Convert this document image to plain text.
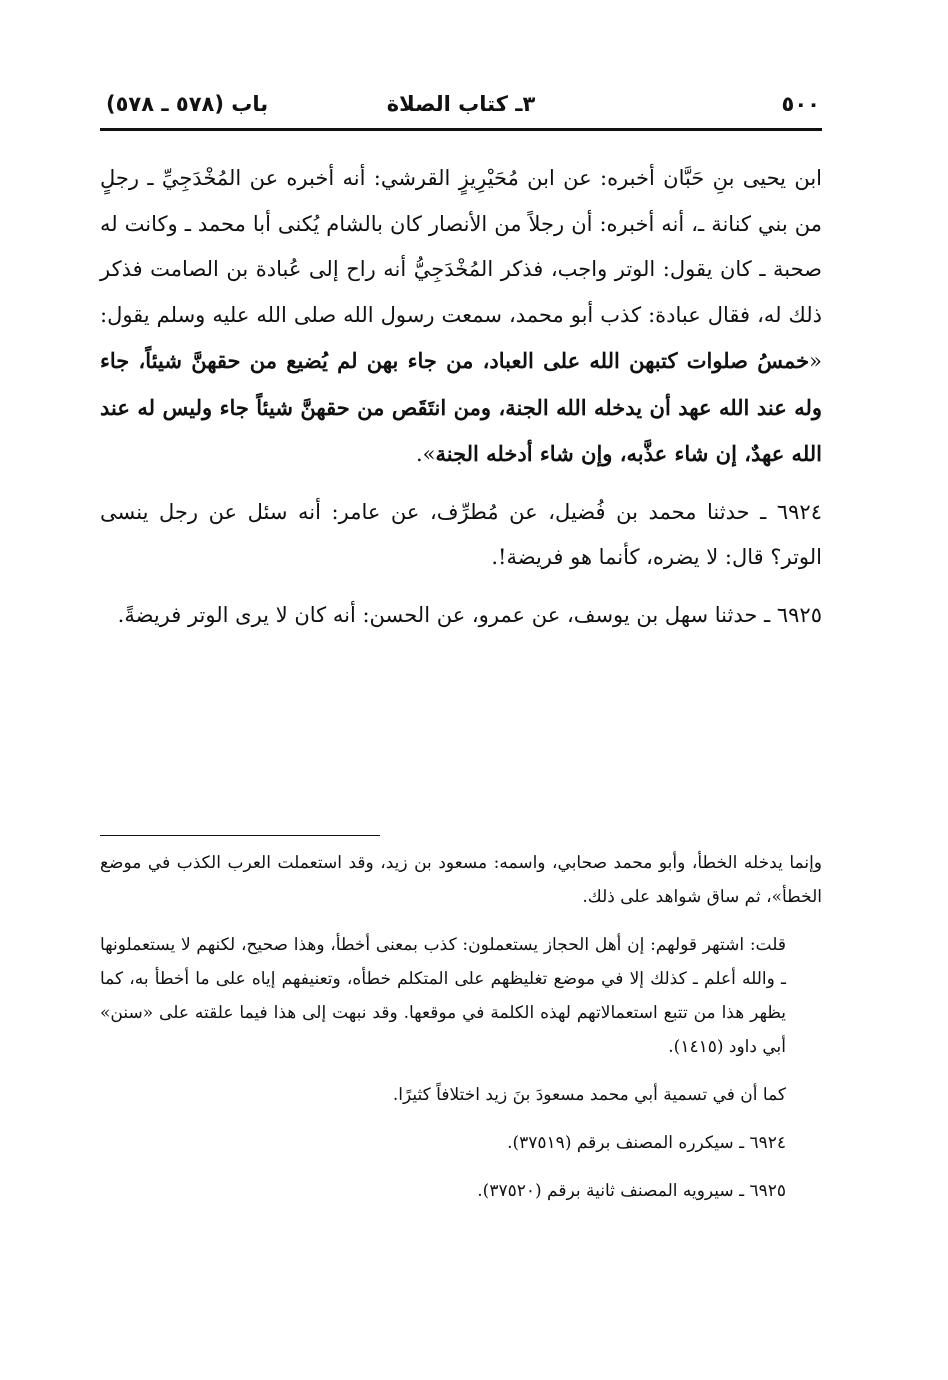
٥٠٠
٣ـ كتاب الصلاة
باب (٥٧٨ ـ ٥٧٨)

ابن يحيى بنِ حَبَّان أخبره: عن ابن مُحَيْرِيزٍ القرشي: أنه أخبره عن المُخْدَجِيِّ ـ رجلٍ من بني كنانة ـ، أنه أخبره: أن رجلاً من الأنصار كان بالشام يُكنى أبا محمد ـ وكانت له صحبة ـ كان يقول: الوتر واجب، فذكر المُخْدَجِيُّ أنه راح إلى عُبادة بن الصامت فذكر ذلك له، فقال عبادة: كذب أبو محمد، سمعت رسول الله صلى الله عليه وسلم يقول: «خمسُ صلوات كتبهن الله على العباد، من جاء بهن لم يُضيع من حقهنَّ شيئاً، جاء وله عند الله عهد أن يدخله الله الجنة، ومن انتَقَص من حقهنَّ شيئاً جاء وليس له عند الله عهدٌ، إن شاء عذَّبه، وإن شاء أدخله الجنة».

٦٩٢٤ ـ حدثنا محمد بن فُضيل، عن مُطرِّف، عن عامر: أنه سئل عن رجل ينسى الوتر؟ قال: لا يضره، كأنما هو فريضة!.

٦٩٢٥ ـ حدثنا سهل بن يوسف، عن عمرو، عن الحسن: أنه كان لا يرى الوتر فريضةً.

وإنما يدخله الخطأ، وأبو محمد صحابي، واسمه: مسعود بن زيد، وقد استعملت العرب الكذب في موضع الخطأ»، ثم ساق شواهد على ذلك.

قلت: اشتهر قولهم: إن أهل الحجاز يستعملون: كذب بمعنى أخطأ، وهذا صحيح، لكنهم لا يستعملونها ـ والله أعلم ـ كذلك إلا في موضع تغليظهم على المتكلم خطأه، وتعنيفهم إياه على ما أخطأ به، كما يظهر هذا من تتبع استعمالاتهم لهذه الكلمة في موقعها. وقد نبهت إلى هذا فيما علقته على «سنن» أبي داود (١٤١٥).

كما أن في تسمية أبي محمد مسعودَ بنَ زيد اختلافاً كثيرًا.

٦٩٢٤ ـ سيكرره المصنف برقم (٣٧٥١٩).

٦٩٢٥ ـ سيرويه المصنف ثانية برقم (٣٧٥٢٠).
